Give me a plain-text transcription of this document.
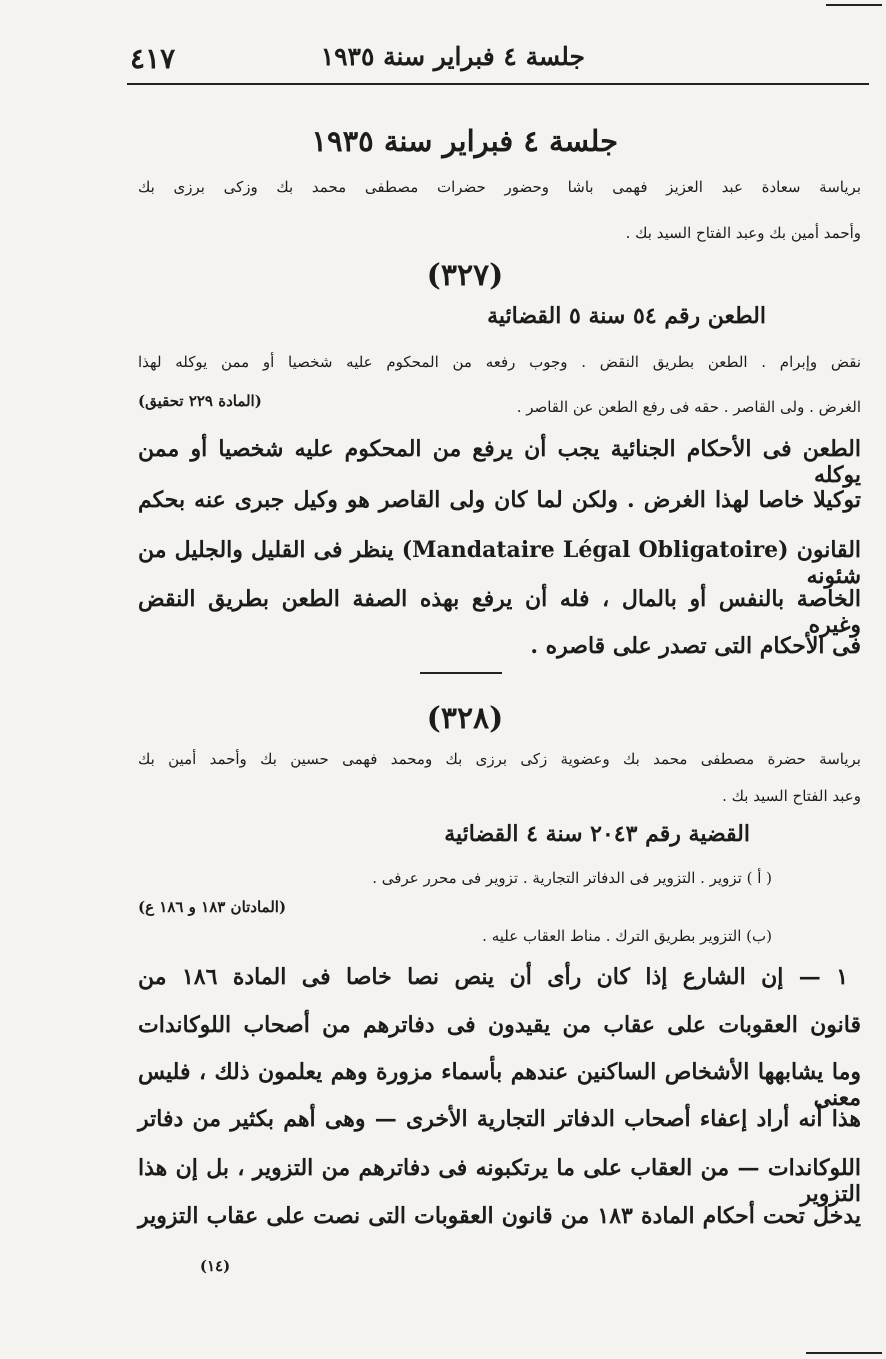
٤١٧	جلسة ٤ فبراير سنة ١٩٣٥
جلسة ٤ فبراير سنة ١٩٣٥
برياسة سعادة عبد العزيز فهمى باشا وحضور حضرات مصطفى محمد بك وزكى برزى بك
وأحمد أمين بك وعبد الفتاح السيد بك .
(٣٢٧)
الطعن رقم ٥٤ سنة ٥ القضائية
نقض وإبرام . الطعن بطريق النقض . وجوب رفعه من المحكوم عليه شخصيا أو ممن يوكله لهذا
(المادة ٢٢٩ تحقيق)	الغرض . ولى القاصر . حقه فى رفع الطعن عن القاصر .
الطعن فى الأحكام الجنائية يجب أن يرفع من المحكوم عليه شخصيا أو ممن يوكله
توكيلا خاصا لهذا الغرض . ولكن لما كان ولى القاصر هو وكيل جبرى عنه بحكم
القانون (Mandataire Légal Obligatoire) ينظر فى القليل والجليل من شئونه
الخاصة بالنفس أو بالمال ، فله أن يرفع بهذه الصفة الطعن بطريق النقض وغيره
فى الأحكام التى تصدر على قاصره .
(٣٢٨)
برياسة حضرة مصطفى محمد بك وعضوية زكى برزى بك ومحمد فهمى حسين بك وأحمد أمين بك
وعبد الفتاح السيد بك .
القضية رقم ٢٠٤٣ سنة ٤ القضائية
( أ ) تزوير . التزوير فى الدفاتر التجارية . تزوير فى محرر عرفى .
(المادتان ١٨٣ و ١٨٦ ع)
(ب) التزوير بطريق الترك . مناط العقاب عليه .
١ — إن الشارع إذا كان رأى أن ينص نصا خاصا فى المادة ١٨٦ من
قانون العقوبات على عقاب من يقيدون فى دفاترهم من أصحاب اللوكاندات
وما يشابهها الأشخاص الساكنين عندهم بأسماء مزورة وهم يعلمون ذلك ، فليس معنى
هذا أنه أراد إعفاء أصحاب الدفاتر التجارية الأخرى — وهى أهم بكثير من دفاتر
اللوكاندات — من العقاب على ما يرتكبونه فى دفاترهم من التزوير ، بل إن هذا التزوير
يدخل تحت أحكام المادة ١٨٣ من قانون العقوبات التى نصت على عقاب التزوير
(١٤)
